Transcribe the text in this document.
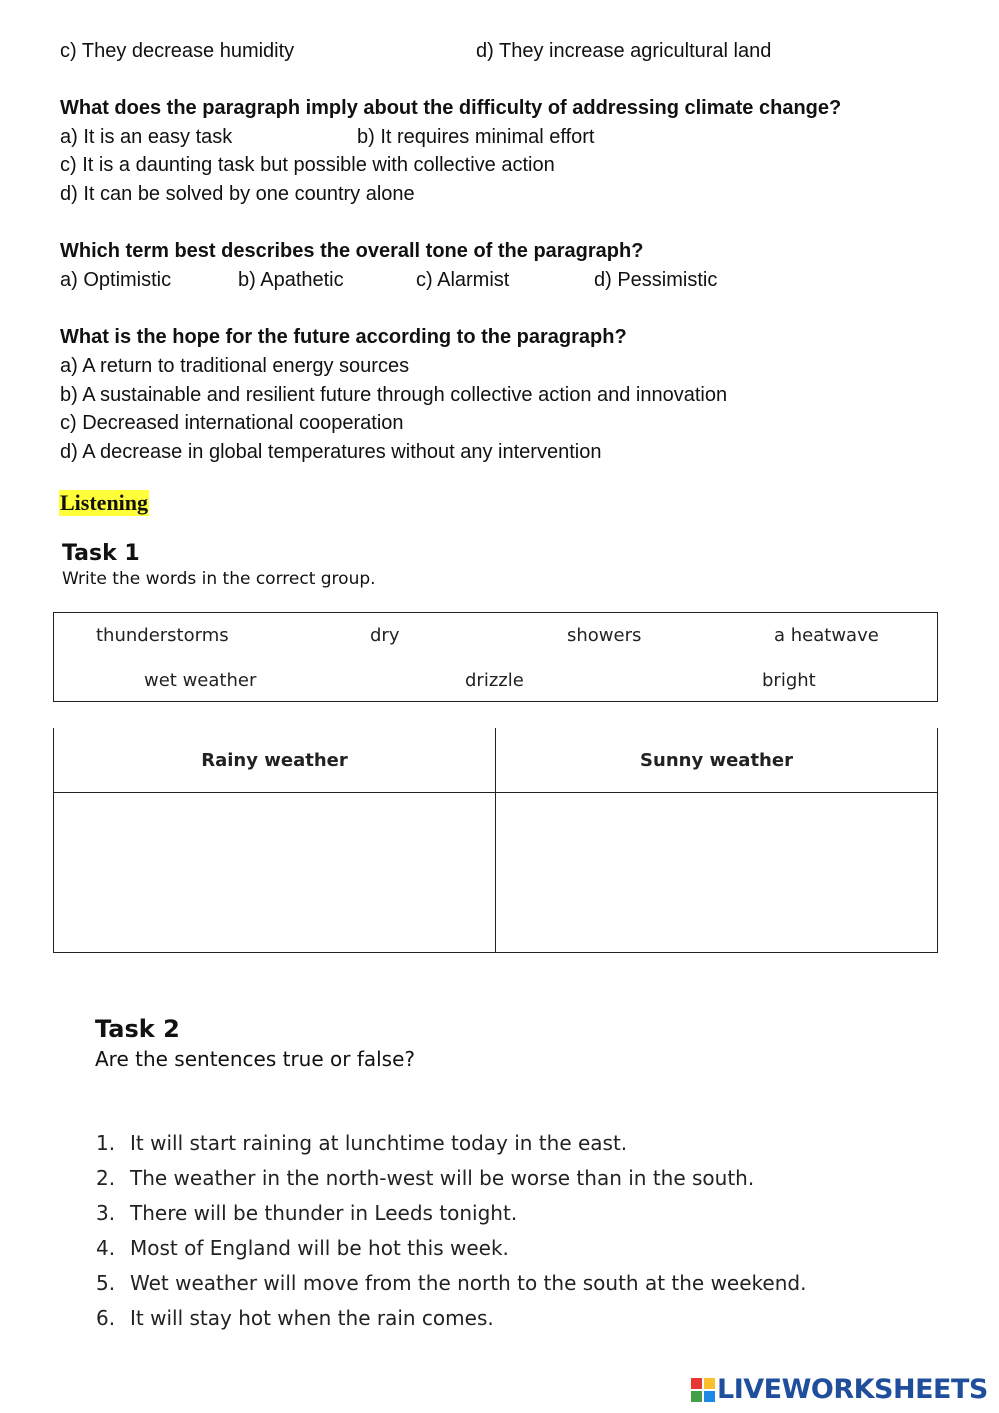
c) They decrease humidity	d) They increase agricultural land
What does the paragraph imply about the difficulty of addressing climate change?
a) It is an easy task	b) It requires minimal effort
c) It is a daunting task but possible with collective action
d) It can be solved by one country alone
Which term best describes the overall tone of the paragraph?
a) Optimistic	b) Apathetic	c) Alarmist	d) Pessimistic
What is the hope for the future according to the paragraph?
a) A return to traditional energy sources
b) A sustainable and resilient future through collective action and innovation
c) Decreased international cooperation
d) A decrease in global temperatures without any intervention
Listening
Task 1
Write the words in the correct group.
thunderstorms	dry	showers	a heatwave
wet weather	drizzle	bright
Rainy weather	Sunny weather

Task 2
Are the sentences true or false?
1. It will start raining at lunchtime today in the east.
2. The weather in the north-west will be worse than in the south.
3. There will be thunder in Leeds tonight.
4. Most of England will be hot this week.
5. Wet weather will move from the north to the south at the weekend.
6. It will stay hot when the rain comes.
LIVEWORKSHEETS
